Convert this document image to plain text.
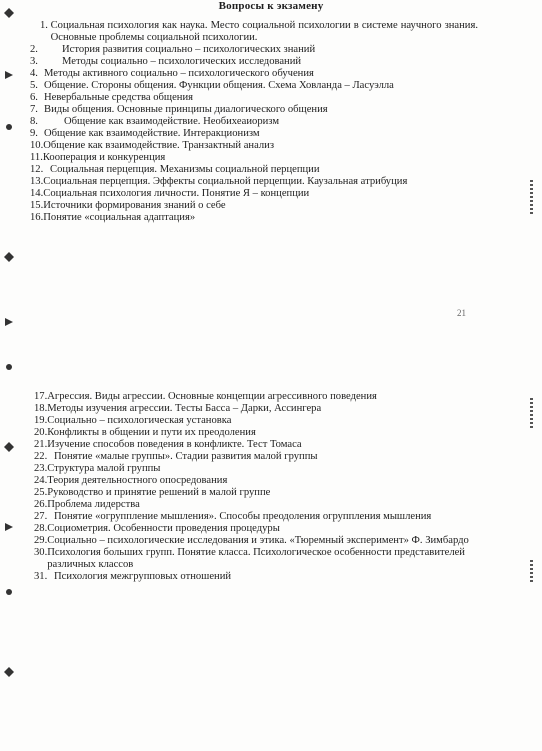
Вопросы к экзамену
1.
Социальная психология как наука. Место социальной психологии в системе научного знания. Основные проблемы социальной психологии.
2.	История развития социально – психологических знаний
3.	Методы социально – психологических исследований
4. Методы активного социально – психологического обучения
5. Общение. Стороны общения. Функции общения. Схема Ховланда – Ласуэлла
6. Невербальные средства общения
7. Виды общения. Основные принципы диалогического общения
8.	Общение как взаимодействие. Необихеаиоризм
9. Общение как взаимодействие. Интеракционизм
10. Общение как взаимодействие. Транзактный анализ
11. Кооперация и конкуренция
12. Социальная перцепция. Механизмы социальной перцепции
13. Социальная перцепция. Эффекты социальной перцепции. Каузальная атрибуция
14. Социальная психология личности. Понятие Я – концепции
15. Источники формирования знаний о себе
16. Понятие «социальная адаптация»
21
17. Агрессия. Виды агрессии. Основные концепции агрессивного поведения
18. Методы изучения агрессии. Тесты Басса – Дарки, Ассингера
19. Социально – психологическая установка
20. Конфликты в общении и пути их преодоления
21. Изучение способов поведения в конфликте. Тест Томаса
22. Понятие «малые группы». Стадии развития малой группы
23. Структура малой группы
24. Теория деятельностного опосредования
25. Руководство и принятие решений в малой группе
26. Проблема лидерства
27. Понятие «огруппление мышления». Способы преодоления огруппления мышления
28. Социометрия. Особенности проведения процедуры
29. Социально – психологические исследования и этика. «Тюремный эксперимент» Ф. Зимбардо
30. Психология больших групп. Понятие класса. Психологическое особенности представителей различных классов
31. Психология межгрупповых отношений
